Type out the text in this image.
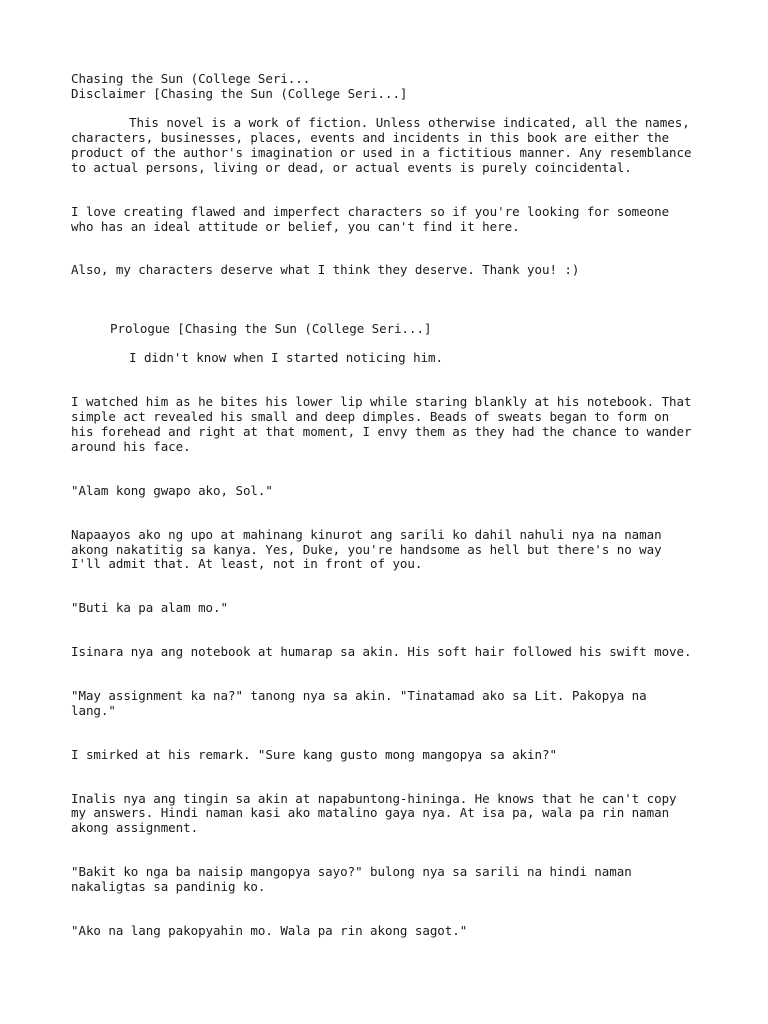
Chasing the Sun (College Seri...
Disclaimer [Chasing the Sun (College Seri...]
This novel is a work of fiction. Unless otherwise indicated, all the names,
characters, businesses, places, events and incidents in this book are either the
product of the author's imagination or used in a fictitious manner. Any resemblance
to actual persons, living or dead, or actual events is purely coincidental.
I love creating flawed and imperfect characters so if you're looking for someone
who has an ideal attitude or belief, you can't find it here.
Also, my characters deserve what I think they deserve. Thank you! :)
Prologue [Chasing the Sun (College Seri...]
I didn't know when I started noticing him.
I watched him as he bites his lower lip while staring blankly at his notebook. That
simple act revealed his small and deep dimples. Beads of sweats began to form on
his forehead and right at that moment, I envy them as they had the chance to wander
around his face.
"Alam kong gwapo ako, Sol."
Napaayos ako ng upo at mahinang kinurot ang sarili ko dahil nahuli nya na naman
akong nakatitig sa kanya. Yes, Duke, you're handsome as hell but there's no way
I'll admit that. At least, not in front of you.
"Buti ka pa alam mo."
Isinara nya ang notebook at humarap sa akin. His soft hair followed his swift move.
"May assignment ka na?" tanong nya sa akin. "Tinatamad ako sa Lit. Pakopya na
lang."
I smirked at his remark. "Sure kang gusto mong mangopya sa akin?"
Inalis nya ang tingin sa akin at napabuntong-hininga. He knows that he can't copy
my answers. Hindi naman kasi ako matalino gaya nya. At isa pa, wala pa rin naman
akong assignment.
"Bakit ko nga ba naisip mangopya sayo?" bulong nya sa sarili na hindi naman
nakaligtas sa pandinig ko.
"Ako na lang pakopyahin mo. Wala pa rin akong sagot."
